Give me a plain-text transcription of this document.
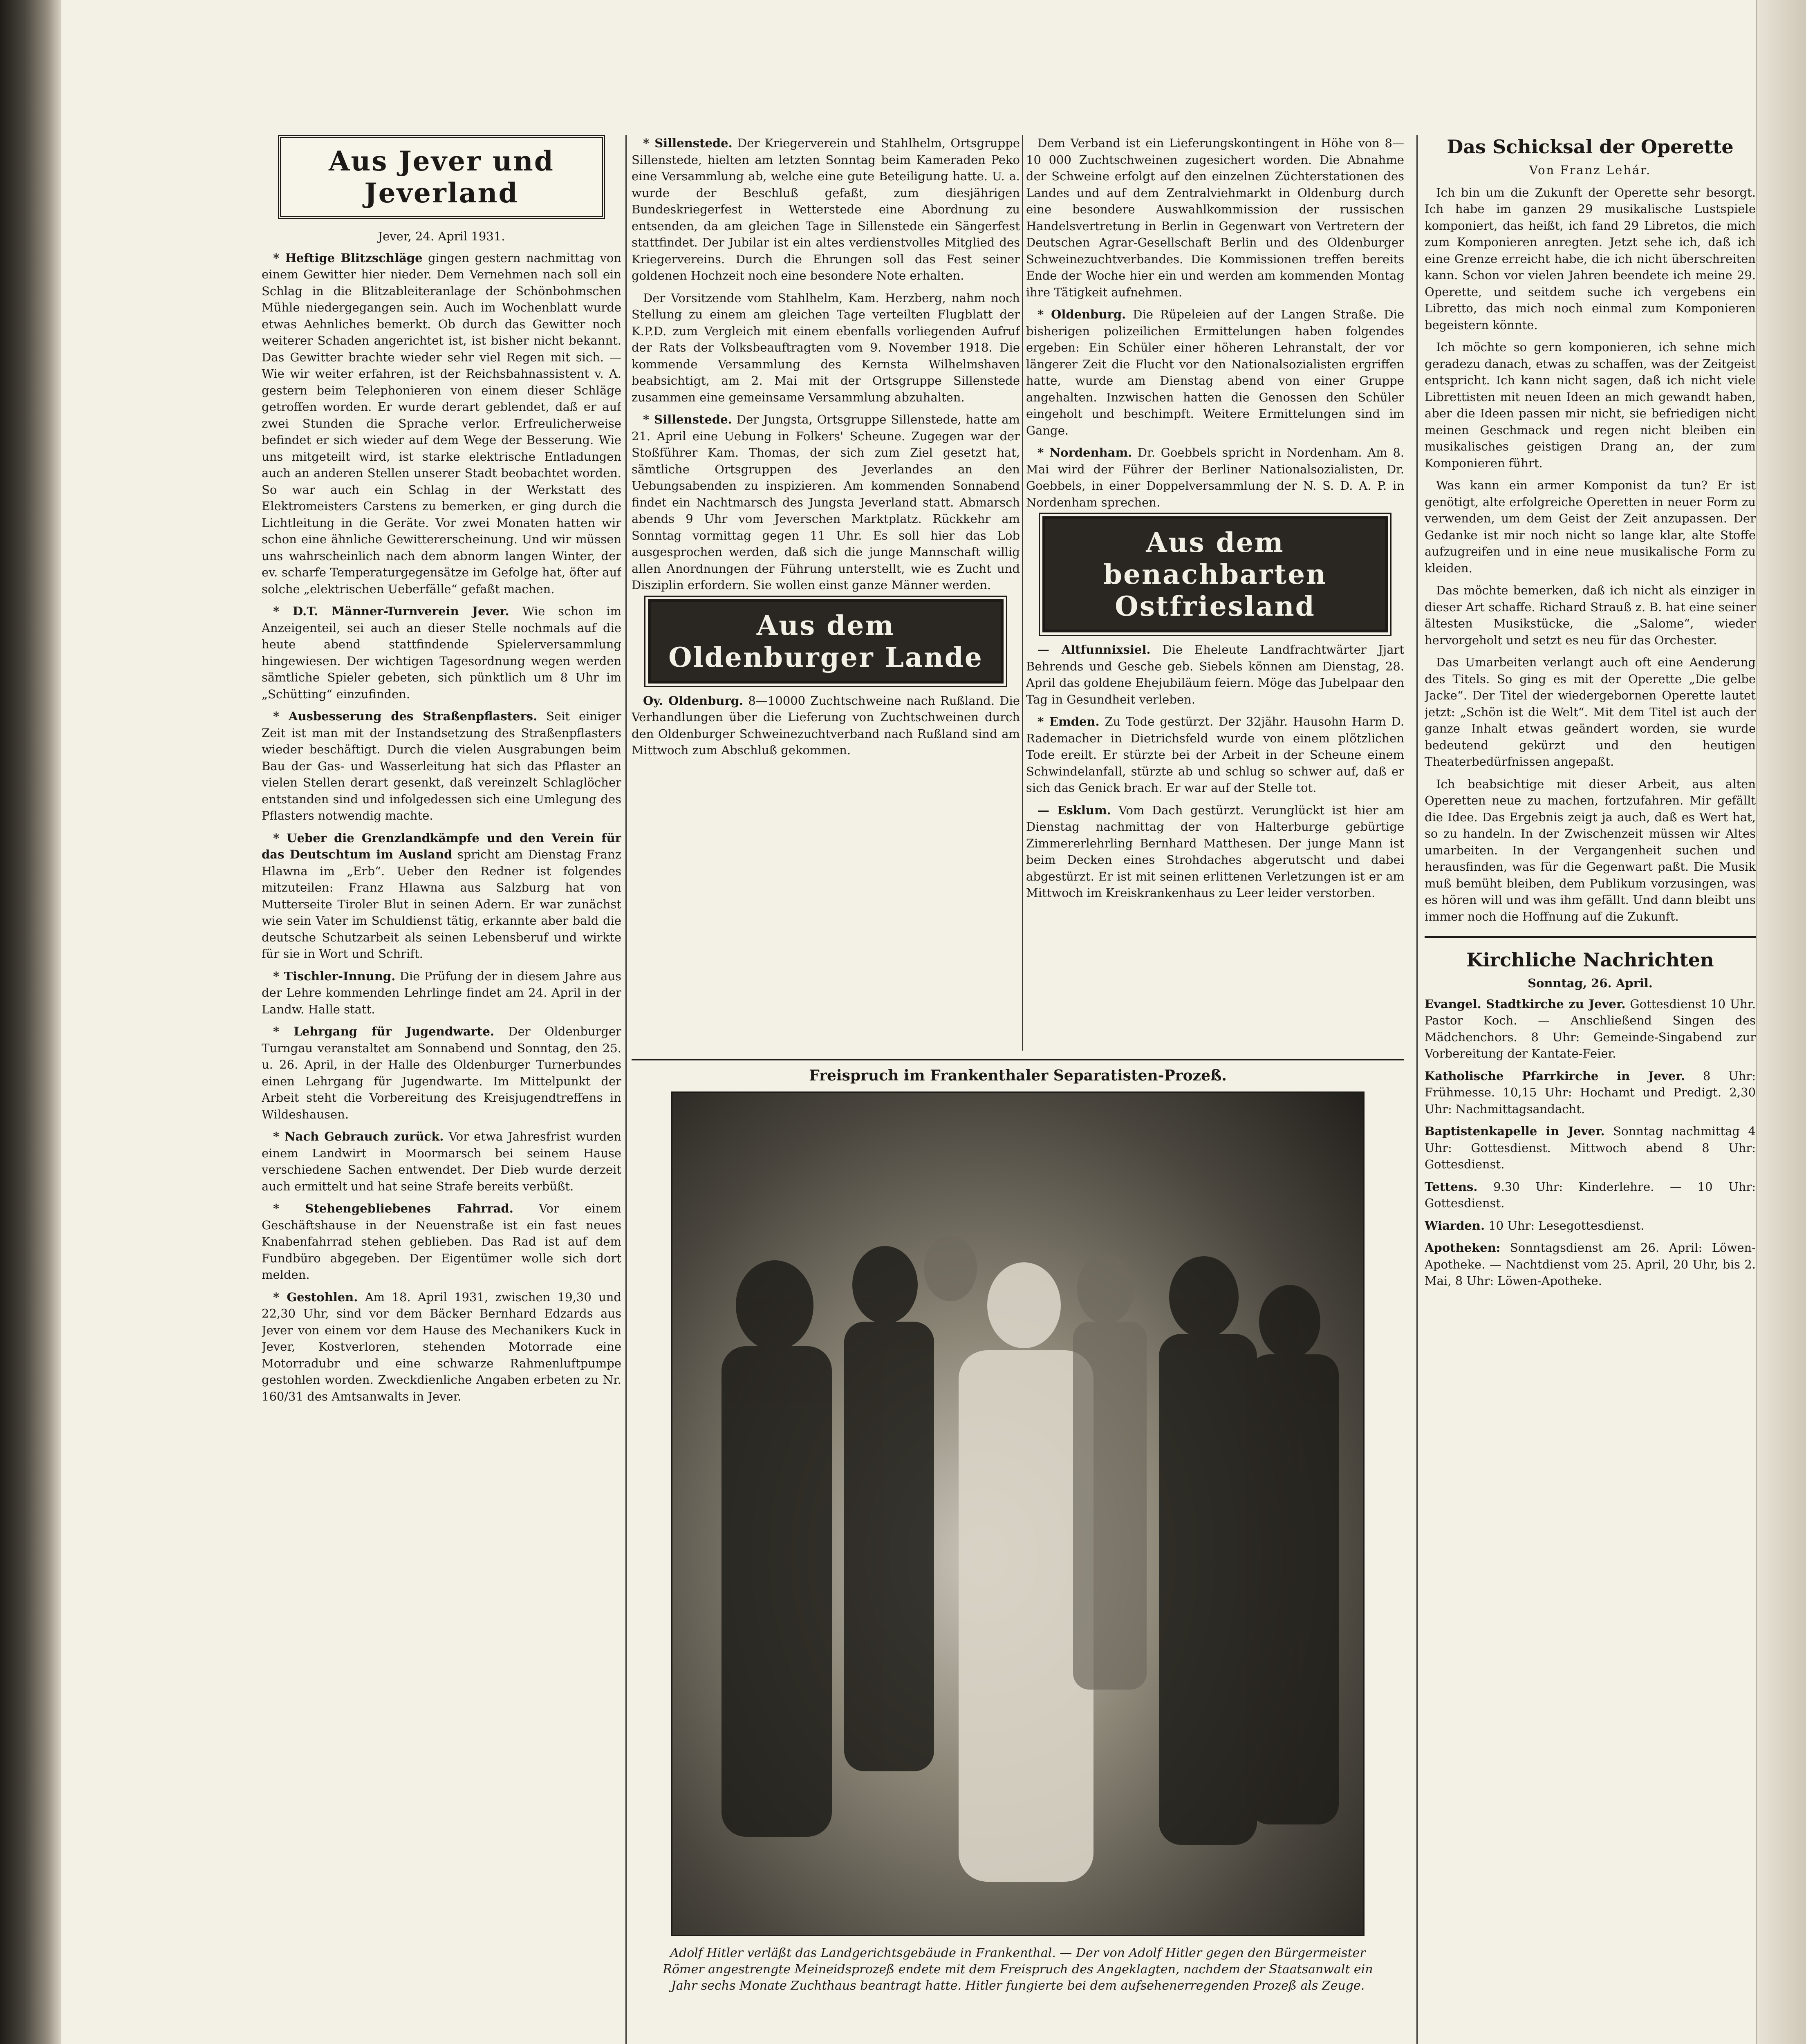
Aus Jever und Jeverland
Jever, 24. April 1931.

* Heftige Blitzschläge gingen gestern nachmittag von einem Gewitter hier nieder. Dem Vernehmen nach soll ein Schlag in die Blitzableiteranlage der Schönbohmschen Mühle niedergegangen sein. Auch im Wochenblatt wurde etwas Aehnliches bemerkt. Ob durch das Gewitter noch weiterer Schaden angerichtet ist, ist bisher nicht bekannt. Das Gewitter brachte wieder sehr viel Regen mit sich. — Wie wir weiter erfahren, ist der Reichsbahnassistent v. A. gestern beim Telephonieren von einem dieser Schläge getroffen worden. Er wurde derart geblendet, daß er auf zwei Stunden die Sprache verlor. Erfreulicherweise befindet er sich wieder auf dem Wege der Besserung. Wie uns mitgeteilt wird, ist starke elektrische Entladungen auch an anderen Stellen unserer Stadt beobachtet worden. So war auch ein Schlag in der Werkstatt des Elektromeisters Carstens zu bemerken, er ging durch die Lichtleitung in die Geräte. Vor zwei Monaten hatten wir schon eine ähnliche Gewittererscheinung. Und wir müssen uns wahrscheinlich nach dem abnorm langen Winter, der ev. scharfe Temperaturgegensätze im Gefolge hat, öfter auf solche „elektrischen Ueberfälle“ gefaßt machen.

* D.T. Männer-Turnverein Jever. Wie schon im Anzeigenteil, sei auch an dieser Stelle nochmals auf die heute abend stattfindende Spielerversammlung hingewiesen. Der wichtigen Tagesordnung wegen werden sämtliche Spieler gebeten, sich pünktlich um 8 Uhr im „Schütting“ einzufinden.

* Ausbesserung des Straßenpflasters. Seit einiger Zeit ist man mit der Instandsetzung des Straßenpflasters wieder beschäftigt. Durch die vielen Ausgrabungen beim Bau der Gas- und Wasserleitung hat sich das Pflaster an vielen Stellen derart gesenkt, daß vereinzelt Schlaglöcher entstanden sind und infolgedessen sich eine Umlegung des Pflasters notwendig machte.

* Ueber die Grenzlandkämpfe und den Verein für das Deutschtum im Ausland spricht am Dienstag Franz Hlawna im „Erb“. Ueber den Redner ist folgendes mitzuteilen: Franz Hlawna aus Salzburg hat von Mutterseite Tiroler Blut in seinen Adern. Er war zunächst wie sein Vater im Schuldienst tätig, erkannte aber bald die deutsche Schutzarbeit als seinen Lebensberuf und wirkte für sie in Wort und Schrift.

* Tischler-Innung. Die Prüfung der in diesem Jahre aus der Lehre kommenden Lehrlinge findet am 24. April in der Landw. Halle statt.

* Lehrgang für Jugendwarte. Der Oldenburger Turngau veranstaltet am Sonnabend und Sonntag, den 25. u. 26. April, in der Halle des Oldenburger Turnerbundes einen Lehrgang für Jugendwarte. Im Mittelpunkt der Arbeit steht die Vorbereitung des Kreisjugendtreffens in Wildeshausen.

* Nach Gebrauch zurück. Vor etwa Jahresfrist wurden einem Landwirt in Moormarsch bei seinem Hause verschiedene Sachen entwendet. Der Dieb wurde derzeit auch ermittelt und hat seine Strafe bereits verbüßt.

* Stehengebliebenes Fahrrad. Vor einem Geschäftshause in der Neuenstraße ist ein fast neues Knabenfahrrad stehen geblieben. Das Rad ist auf dem Fundbüro abgegeben. Der Eigentümer wolle sich dort melden.

* Gestohlen. Am 18. April 1931, zwischen 19,30 und 22,30 Uhr, sind vor dem Bäcker Bernhard Edzards aus Jever von einem vor dem Hause des Mechanikers Kuck in Jever, Kostverloren, stehenden Motorrade eine Motorradubr und eine schwarze Rahmenluftpumpe gestohlen worden. Zweckdienliche Angaben erbeten zu Nr. 160/31 des Amtsanwalts in Jever.

* Sillenstede. Der Kriegerverein und Stahlhelm, Ortsgruppe Sillenstede, hielten am letzten Sonntag beim Kameraden Peko eine Versammlung ab, welche eine gute Beteiligung hatte. U. a. wurde der Beschluß gefaßt, zum diesjährigen Bundeskriegerfest in Wetterstede eine Abordnung zu entsenden, da am gleichen Tage in Sillenstede ein Sängerfest stattfindet. Der Jubilar ist ein altes verdienstvolles Mitglied des Kriegervereins. Durch die Ehrungen soll das Fest seiner goldenen Hochzeit noch eine besondere Note erhalten.

Der Vorsitzende vom Stahlhelm, Kam. Herzberg, nahm noch Stellung zu einem am gleichen Tage verteilten Flugblatt der K.P.D. zum Vergleich mit einem ebenfalls vorliegenden Aufruf der Rats der Volksbeauftragten vom 9. November 1918. Die kommende Versammlung des Kernsta Wilhelmshaven beabsichtigt, am 2. Mai mit der Ortsgruppe Sillenstede zusammen eine gemeinsame Versammlung abzuhalten.

* Sillenstede. Der Jungsta, Ortsgruppe Sillenstede, hatte am 21. April eine Uebung in Folkers' Scheune. Zugegen war der Stoßführer Kam. Thomas, der sich zum Ziel gesetzt hat, sämtliche Ortsgruppen des Jeverlandes an den Uebungsabenden zu inspizieren. Am kommenden Sonnabend findet ein Nachtmarsch des Jungsta Jeverland statt. Abmarsch abends 9 Uhr vom Jeverschen Marktplatz. Rückkehr am Sonntag vormittag gegen 11 Uhr. Es soll hier das Lob ausgesprochen werden, daß sich die junge Mannschaft willig allen Anordnungen der Führung unterstellt, wie es Zucht und Disziplin erfordern. Sie wollen einst ganze Männer werden.

Aus dem Oldenburger Lande

Oy. Oldenburg. 8—10000 Zuchtschweine nach Rußland. Die Verhandlungen über die Lieferung von Zuchtschweinen durch den Oldenburger Schweinezuchtverband nach Rußland sind am Mittwoch zum Abschluß gekommen.

Dem Verband ist ein Lieferungskontingent in Höhe von 8—10 000 Zuchtschweinen zugesichert worden. Die Abnahme der Schweine erfolgt auf den einzelnen Züchterstationen des Landes und auf dem Zentralviehmarkt in Oldenburg durch eine besondere Auswahlkommission der russischen Handelsvertretung in Berlin in Gegenwart von Vertretern der Deutschen Agrar-Gesellschaft Berlin und des Oldenburger Schweinezuchtverbandes. Die Kommissionen treffen bereits Ende der Woche hier ein und werden am kommenden Montag ihre Tätigkeit aufnehmen.

* Oldenburg. Die Rüpeleien auf der Langen Straße. Die bisherigen polizeilichen Ermittelungen haben folgendes ergeben: Ein Schüler einer höheren Lehranstalt, der vor längerer Zeit die Flucht vor den Nationalsozialisten ergriffen hatte, wurde am Dienstag abend von einer Gruppe angehalten. Inzwischen hatten die Genossen den Schüler eingeholt und beschimpft. Weitere Ermittelungen sind im Gange.

* Nordenham. Dr. Goebbels spricht in Nordenham. Am 8. Mai wird der Führer der Berliner Nationalsozialisten, Dr. Goebbels, in einer Doppelversammlung der N. S. D. A. P. in Nordenham sprechen.

Aus dem benachbarten Ostfriesland

— Altfunnixsiel. Die Eheleute Landfrachtwärter Jjart Behrends und Gesche geb. Siebels können am Dienstag, 28. April das goldene Ehejubiläum feiern. Möge das Jubelpaar den Tag in Gesundheit verleben.

* Emden. Zu Tode gestürzt. Der 32jähr. Hausohn Harm D. Rademacher in Dietrichsfeld wurde von einem plötzlichen Tode ereilt. Er stürzte bei der Arbeit in der Scheune einem Schwindelanfall, stürzte ab und schlug so schwer auf, daß er sich das Genick brach. Er war auf der Stelle tot.

— Esklum. Vom Dach gestürzt. Verunglückt ist hier am Dienstag nachmittag der von Halterburge gebürtige Zimmererlehrling Bernhard Matthesen. Der junge Mann ist beim Decken eines Strohdaches abgerutscht und dabei abgestürzt. Er ist mit seinen erlittenen Verletzungen ist er am Mittwoch im Kreiskrankenhaus zu Leer leider verstorben.

Freispruch im Frankenthaler Separatisten-Prozeß.
Adolf Hitler verläßt das Landgerichtsgebäude in Frankenthal. — Der von Adolf Hitler gegen den Bürgermeister Römer angestrengte Meineidsprozeß endete mit dem Freispruch des Angeklagten, nachdem der Staatsanwalt ein Jahr sechs Monate Zuchthaus beantragt hatte. Hitler fungierte bei dem aufsehenerregenden Prozeß als Zeuge.
Das Schicksal der Operette
Von Franz Lehár.

Ich bin um die Zukunft der Operette sehr besorgt. Ich habe im ganzen 29 musikalische Lustspiele komponiert, das heißt, ich fand 29 Libretos, die mich zum Komponieren anregten. Jetzt sehe ich, daß ich eine Grenze erreicht habe, die ich nicht überschreiten kann. Schon vor vielen Jahren beendete ich meine 29. Operette, und seitdem suche ich vergebens ein Libretto, das mich noch einmal zum Komponieren begeistern könnte.

Ich möchte so gern komponieren, ich sehne mich geradezu danach, etwas zu schaffen, was der Zeitgeist entspricht. Ich kann nicht sagen, daß ich nicht viele Librettisten mit neuen Ideen an mich gewandt haben, aber die Ideen passen mir nicht, sie befriedigen nicht meinen Geschmack und regen nicht bleiben ein musikalisches geistigen Drang an, der zum Komponieren führt.

Was kann ein armer Komponist da tun? Er ist genötigt, alte erfolgreiche Operetten in neuer Form zu verwenden, um dem Geist der Zeit anzupassen. Der Gedanke ist mir noch nicht so lange klar, alte Stoffe aufzugreifen und in eine neue musikalische Form zu kleiden.

Das möchte bemerken, daß ich nicht als einziger in dieser Art schaffe. Richard Strauß z. B. hat eine seiner ältesten Musikstücke, die „Salome“, wieder hervorgeholt und setzt es neu für das Orchester.

Das Umarbeiten verlangt auch oft eine Aenderung des Titels. So ging es mit der Operette „Die gelbe Jacke“. Der Titel der wiedergebornen Operette lautet jetzt: „Schön ist die Welt“. Mit dem Titel ist auch der ganze Inhalt etwas geändert worden, sie wurde bedeutend gekürzt und den heutigen Theaterbedürfnissen angepaßt.

Ich beabsichtige mit dieser Arbeit, aus alten Operetten neue zu machen, fortzufahren. Mir gefällt die Idee. Das Ergebnis zeigt ja auch, daß es Wert hat, so zu handeln. In der Zwischenzeit müssen wir Altes umarbeiten. In der Vergangenheit suchen und herausfinden, was für die Gegenwart paßt. Die Musik muß bemüht bleiben, dem Publikum vorzusingen, was es hören will und was ihm gefällt. Und dann bleibt uns immer noch die Hoffnung auf die Zukunft.

Kirchliche Nachrichten
Sonntag, 26. April.

Evangel. Stadtkirche zu Jever. Gottesdienst 10 Uhr. Pastor Koch. — Anschließend Singen des Mädchenchors. 8 Uhr: Gemeinde-Singabend zur Vorbereitung der Kantate-Feier.

Katholische Pfarrkirche in Jever. 8 Uhr: Frühmesse. 10,15 Uhr: Hochamt und Predigt. 2,30 Uhr: Nachmittagsandacht.

Baptistenkapelle in Jever. Sonntag nachmittag 4 Uhr: Gottesdienst. Mittwoch abend 8 Uhr: Gottesdienst.

Tettens. 9.30 Uhr: Kinderlehre. — 10 Uhr: Gottesdienst.

Wiarden. 10 Uhr: Lesegottesdienst.

Apotheken: Sonntagsdienst am 26. April: Löwen-Apotheke. — Nachtdienst vom 25. April, 20 Uhr, bis 2. Mai, 8 Uhr: Löwen-Apotheke.
